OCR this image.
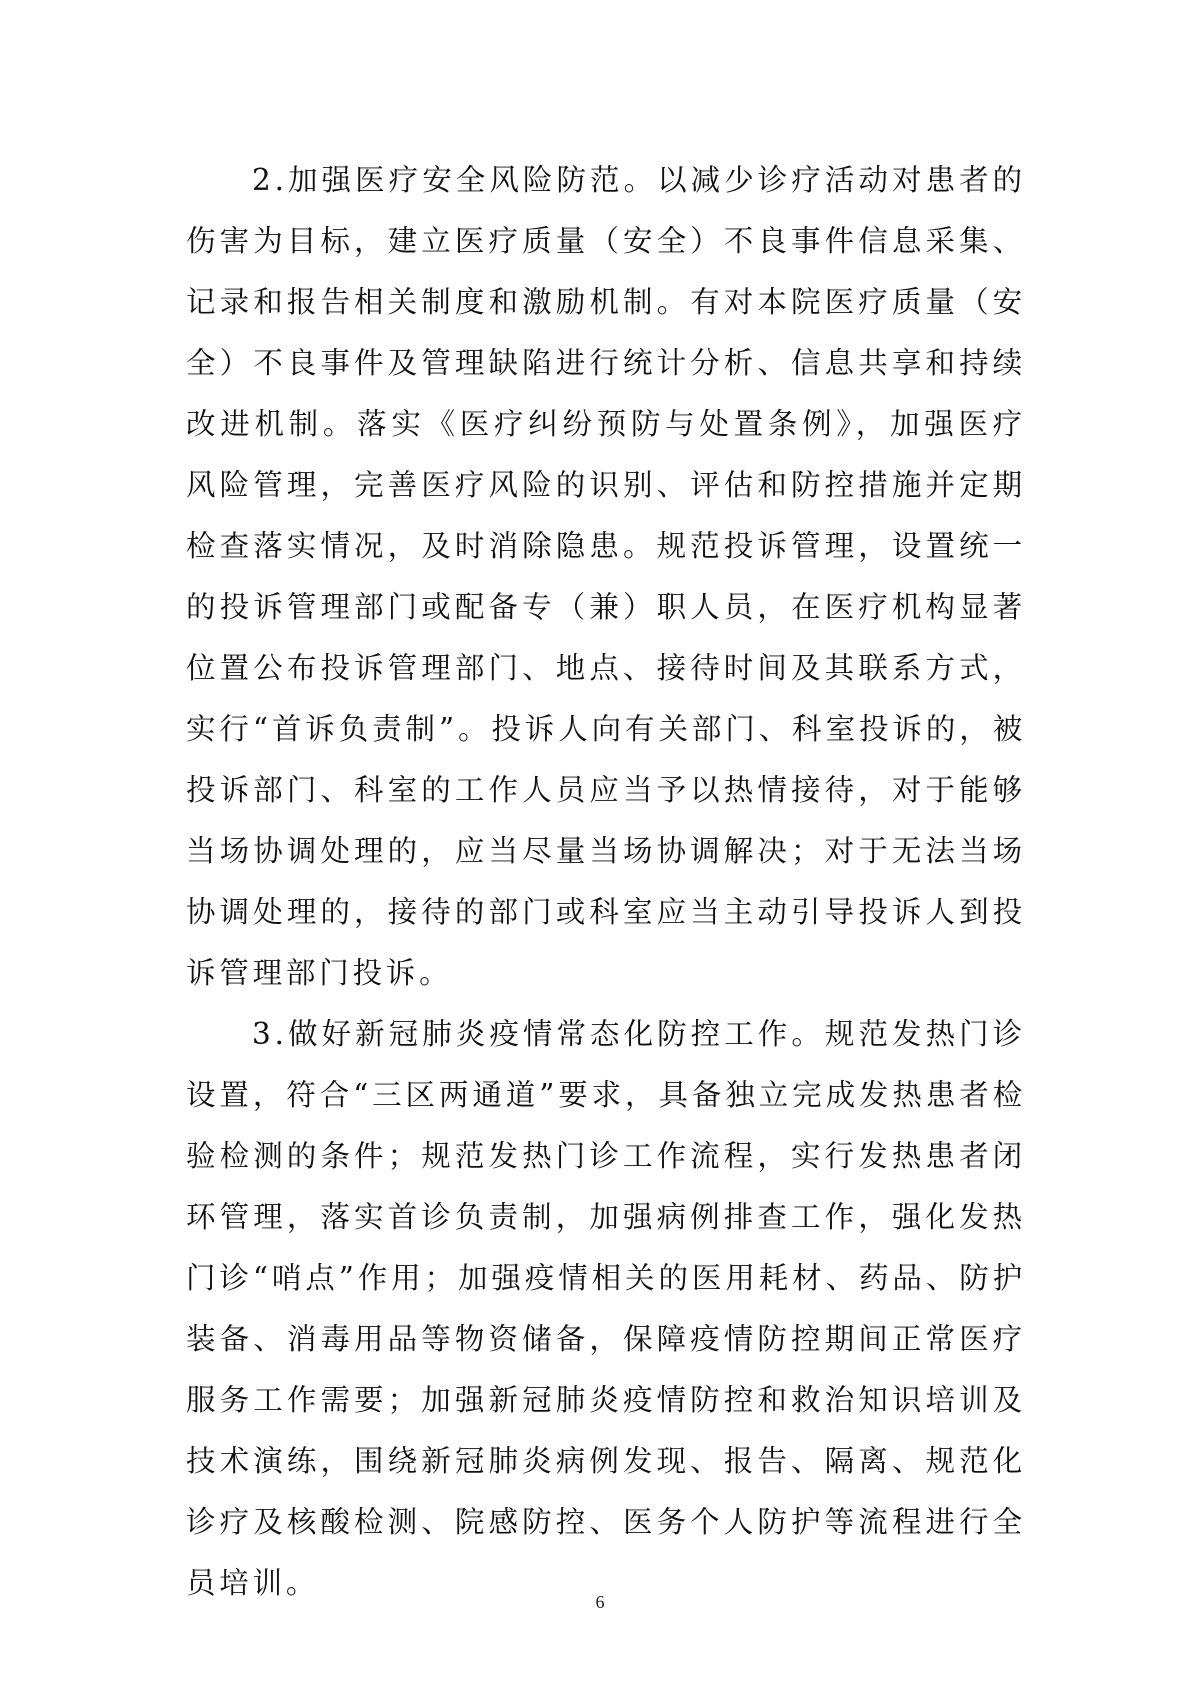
2.加强医疗安全风险防范。以减少诊疗活动对患者的伤害为目标，建立医疗质量（安全）不良事件信息采集、记录和报告相关制度和激励机制。有对本院医疗质量（安全）不良事件及管理缺陷进行统计分析、信息共享和持续改进机制。落实《医疗纠纷预防与处置条例》，加强医疗风险管理，完善医疗风险的识别、评估和防控措施并定期检查落实情况，及时消除隐患。规范投诉管理，设置统一的投诉管理部门或配备专（兼）职人员，在医疗机构显著位置公布投诉管理部门、地点、接待时间及其联系方式，实行“首诉负责制”。投诉人向有关部门、科室投诉的，被投诉部门、科室的工作人员应当予以热情接待，对于能够当场协调处理的，应当尽量当场协调解决；对于无法当场协调处理的，接待的部门或科室应当主动引导投诉人到投诉管理部门投诉。

3.做好新冠肺炎疫情常态化防控工作。规范发热门诊设置，符合“三区两通道”要求，具备独立完成发热患者检验检测的条件；规范发热门诊工作流程，实行发热患者闭环管理，落实首诊负责制，加强病例排查工作，强化发热门诊“哨点”作用；加强疫情相关的医用耗材、药品、防护装备、消毒用品等物资储备，保障疫情防控期间正常医疗服务工作需要；加强新冠肺炎疫情防控和救治知识培训及技术演练，围绕新冠肺炎病例发现、报告、隔离、规范化诊疗及核酸检测、院感防控、医务个人防护等流程进行全员培训。

6
